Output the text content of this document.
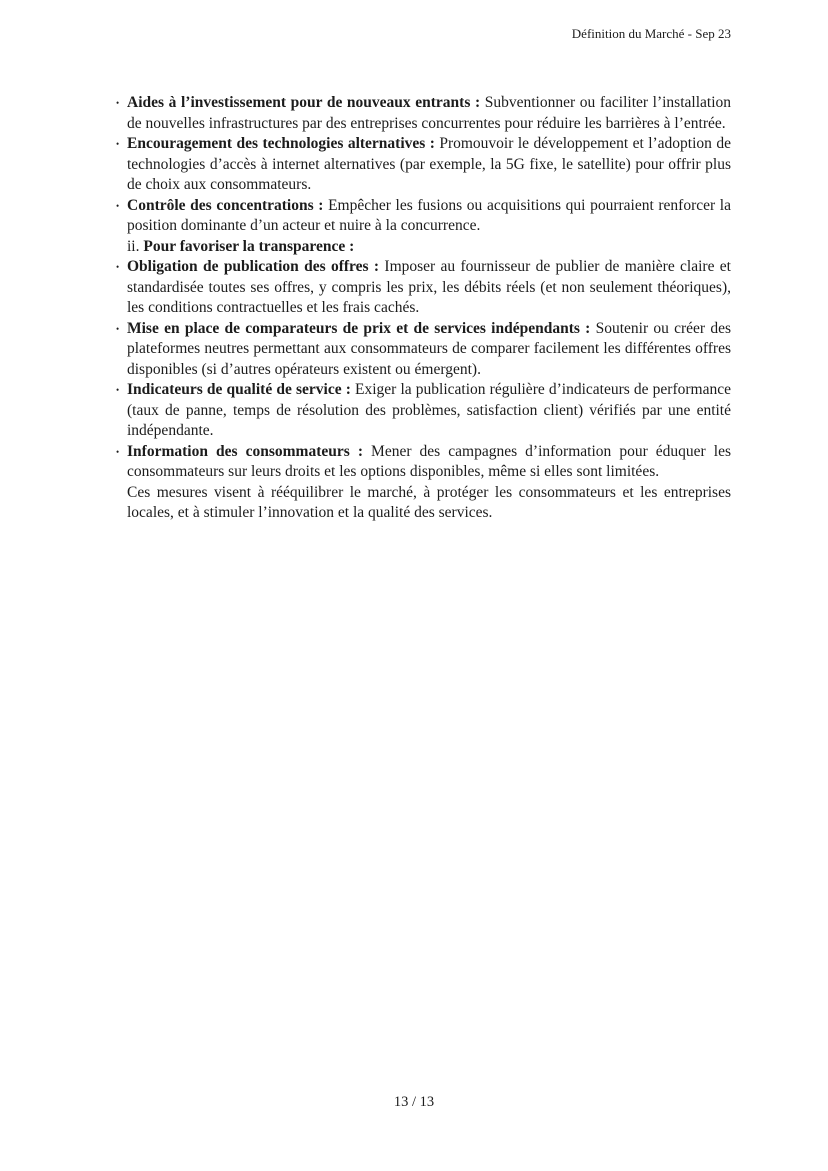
Définition du Marché - Sep 23
• Aides à l’investissement pour de nouveaux entrants : Subventionner ou faciliter l’installation de nouvelles infrastructures par des entreprises concurrentes pour réduire les barrières à l’entrée.

• Encouragement des technologies alternatives : Promouvoir le développement et l’adoption de technologies d’accès à internet alternatives (par exemple, la 5G fixe, le satellite) pour offrir plus de choix aux consommateurs.

• Contrôle des concentrations : Empêcher les fusions ou acquisitions qui pourraient renforcer la position dominante d’un acteur et nuire à la concurrence.

ii. Pour favoriser la transparence :

• Obligation de publication des offres : Imposer au fournisseur de publier de manière claire et standardisée toutes ses offres, y compris les prix, les débits réels (et non seulement théoriques), les conditions contractuelles et les frais cachés.

• Mise en place de comparateurs de prix et de services indépendants : Soutenir ou créer des plateformes neutres permettant aux consommateurs de comparer facilement les différentes offres disponibles (si d’autres opérateurs existent ou émergent).

• Indicateurs de qualité de service : Exiger la publication régulière d’indicateurs de performance (taux de panne, temps de résolution des problèmes, satisfaction client) vérifiés par une entité indépendante.

• Information des consommateurs : Mener des campagnes d’information pour éduquer les consommateurs sur leurs droits et les options disponibles, même si elles sont limitées.

Ces mesures visent à rééquilibrer le marché, à protéger les consommateurs et les entreprises locales, et à stimuler l’innovation et la qualité des services.

13 / 13
